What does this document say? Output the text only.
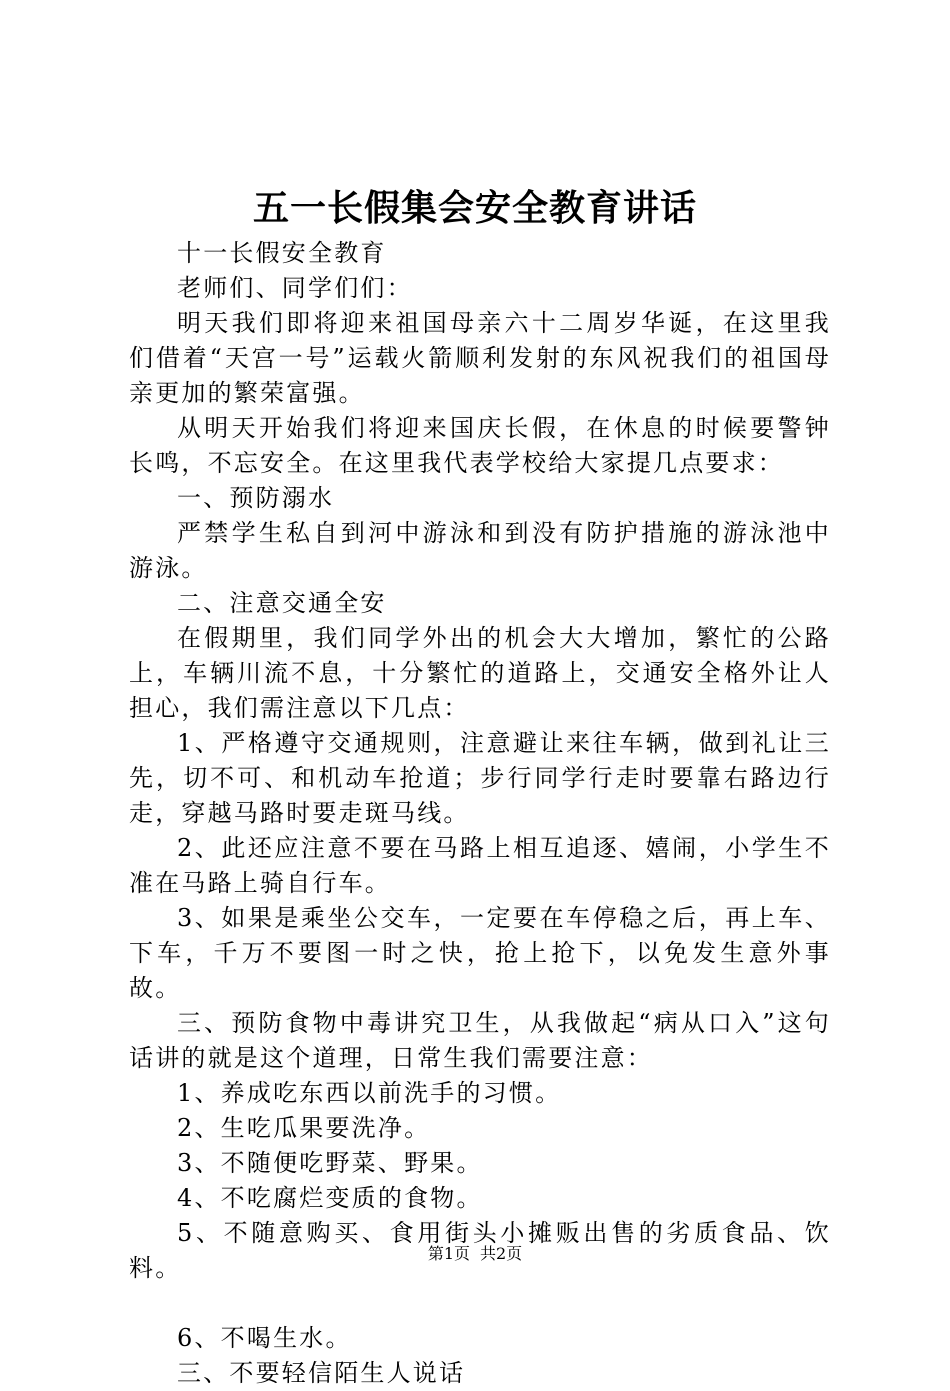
五一长假集会安全教育讲话

十一长假安全教育

老师们、同学们们：

明天我们即将迎来祖国母亲六十二周岁华诞，在这里我们借着“天宫一号”运载火箭顺利发射的东风祝我们的祖国母亲更加的繁荣富强。

从明天开始我们将迎来国庆长假，在休息的时候要警钟长鸣，不忘安全。在这里我代表学校给大家提几点要求：

一、预防溺水

严禁学生私自到河中游泳和到没有防护措施的游泳池中游泳。

二、注意交通全安

在假期里，我们同学外出的机会大大增加，繁忙的公路上，车辆川流不息，十分繁忙的道路上，交通安全格外让人担心，我们需注意以下几点：

1、严格遵守交通规则，注意避让来往车辆，做到礼让三先，切不可、和机动车抢道；步行同学行走时要靠右路边行走，穿越马路时要走斑马线。

2、此还应注意不要在马路上相互追逐、嬉闹，小学生不准在马路上骑自行车。

3、如果是乘坐公交车，一定要在车停稳之后，再上车、下车，千万不要图一时之快，抢上抢下，以免发生意外事故。

三、预防食物中毒讲究卫生，从我做起“病从口入”这句话讲的就是这个道理，日常生我们需要注意：

1、养成吃东西以前洗手的习惯。

2、生吃瓜果要洗净。

3、不随便吃野菜、野果。

4、不吃腐烂变质的食物。

5、不随意购买、食用街头小摊贩出售的劣质食品、饮料。

6、不喝生水。

三、不要轻信陌生人说话

第1页 共2页
